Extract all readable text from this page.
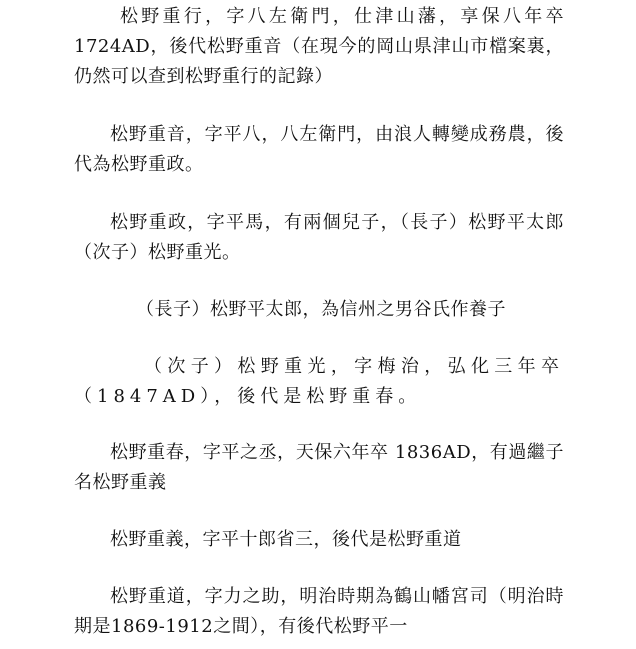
松野重行，字八左衛門，仕津山藩，享保八年卒1724AD，後代松野重音（在現今的岡山県津山市檔案裏，仍然可以查到松野重行的記錄）

松野重音，字平八，八左衛門，由浪人轉變成務農，後代為松野重政。

松野重政，字平馬，有兩個兒子，（長子）松野平太郎（次子）松野重光。

（長子）松野平太郎，為信州之男谷氏作養子

（次子）松野重光，字梅治，弘化三年卒（1847AD），後代是松野重春。

松野重春，字平之丞，天保六年卒 1836AD，有過繼子名松野重義

松野重義，字平十郎省三，後代是松野重道

松野重道，字力之助，明治時期為鶴山幡宮司（明治時期是1869-1912之間），有後代松野平一
